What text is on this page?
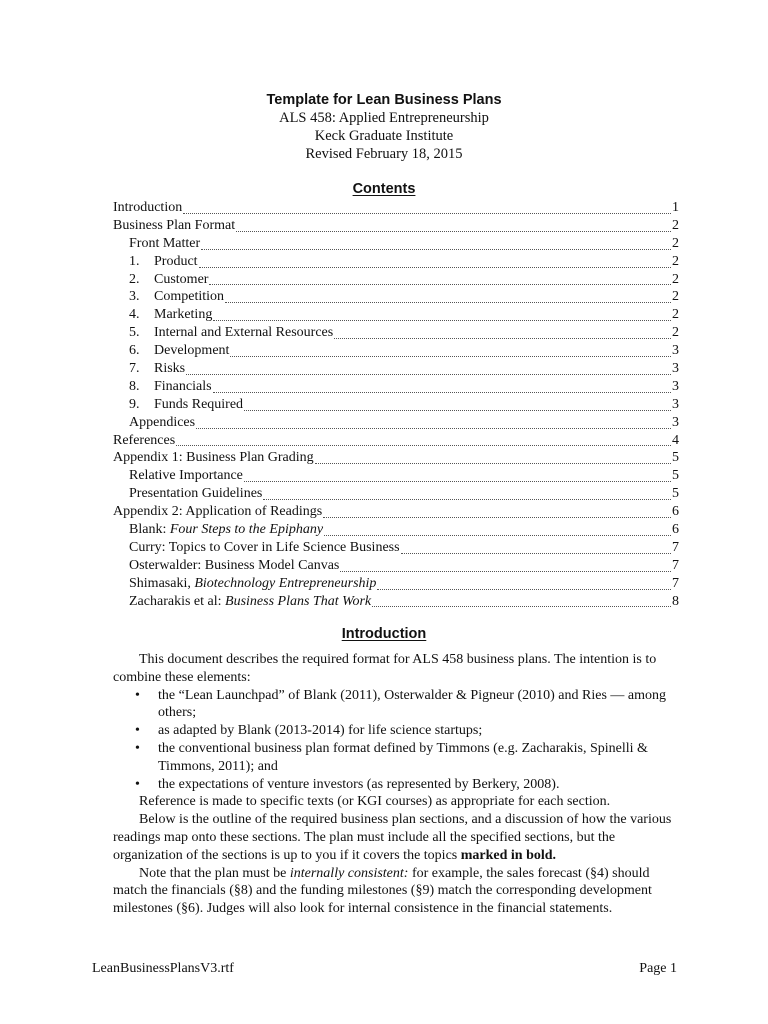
Template for Lean Business Plans
ALS 458: Applied Entrepreneurship
Keck Graduate Institute
Revised February 18, 2015
Contents
Introduction	1
Business Plan Format	2
Front Matter	2
1. Product	2
2. Customer	2
3. Competition	2
4. Marketing	2
5. Internal and External Resources	2
6. Development	3
7. Risks	3
8. Financials	3
9. Funds Required	3
Appendices	3
References	4
Appendix 1: Business Plan Grading	5
Relative Importance	5
Presentation Guidelines	5
Appendix 2: Application of Readings	6
Blank: Four Steps to the Epiphany	6
Curry: Topics to Cover in Life Science Business	7
Osterwalder: Business Model Canvas	7
Shimasaki, Biotechnology Entrepreneurship	7
Zacharakis et al: Business Plans That Work	8
Introduction

This document describes the required format for ALS 458 business plans. The intention is to combine these elements:

• the “Lean Launchpad” of Blank (2011), Osterwalder & Pigneur (2010) and Ries — among others;
• as adapted by Blank (2013-2014) for life science startups;
• the conventional business plan format defined by Timmons (e.g. Zacharakis, Spinelli & Timmons, 2011); and
• the expectations of venture investors (as represented by Berkery, 2008).

Reference is made to specific texts (or KGI courses) as appropriate for each section.

Below is the outline of the required business plan sections, and a discussion of how the various readings map onto these sections. The plan must include all the specified sections, but the organization of the sections is up to you if it covers the topics marked in bold.

Note that the plan must be internally consistent: for example, the sales forecast (§4) should match the financials (§8) and the funding milestones (§9) match the corresponding development milestones (§6). Judges will also look for internal consistence in the financial statements.

LeanBusinessPlansV3.rtf	Page 1
